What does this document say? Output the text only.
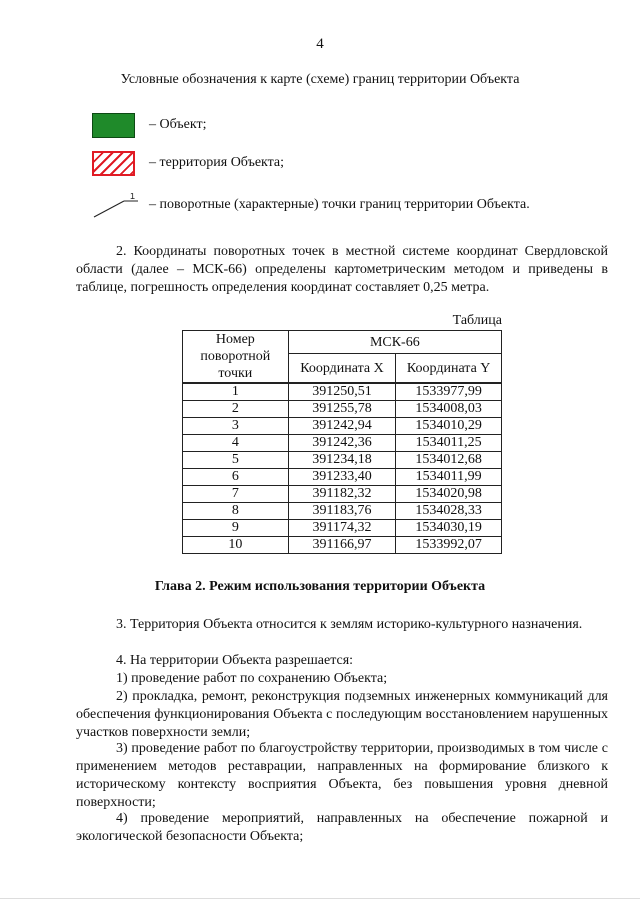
4
Условные обозначения к карте (схеме) границ территории Объекта
– Объект;
– территория Объекта;
1
– поворотные (характерные) точки границ территории Объекта.
2. Координаты поворотных точек в местной системе координат Свердловской области (далее – МСК-66) определены картометрическим методом и приведены в таблице, погрешность определения координат составляет 0,25 метра.
Таблица
Номер поворотной точки	МСК-66	
	Координата X	Координата Y
1	391250,51	1533977,99
2	391255,78	1534008,03
3	391242,94	1534010,29
4	391242,36	1534011,25
5	391234,18	1534012,68
6	391233,40	1534011,99
7	391182,32	1534020,98
8	391183,76	1534028,33
9	391174,32	1534030,19
10	391166,97	1533992,07
Глава 2. Режим использования территории Объекта
3. Территория Объекта относится к землям историко-культурного назначения.
4. На территории Объекта разрешается:
1) проведение работ по сохранению Объекта;
2) прокладка, ремонт, реконструкция подземных инженерных коммуникаций для обеспечения функционирования Объекта с последующим восстановлением нарушенных участков поверхности земли;
3) проведение работ по благоустройству территории, производимых в том числе с применением методов реставрации, направленных на формирование близкого к историческому контексту восприятия Объекта, без повышения уровня дневной поверхности;
4) проведение мероприятий, направленных на обеспечение пожарной и экологической безопасности Объекта;
